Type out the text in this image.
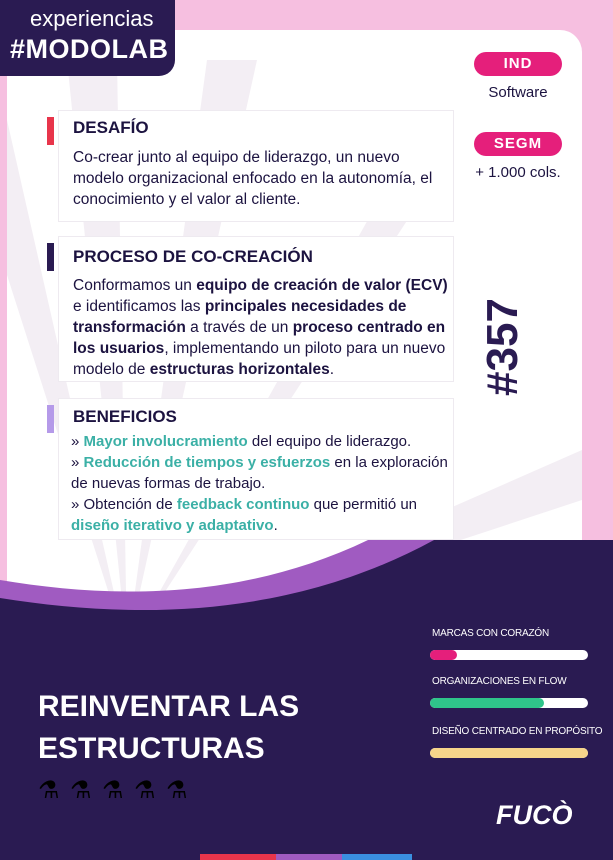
experiencias
#MODOLAB	IND
Software
SEGM
+ 1.000 cols.
#357
DESAFÍO
Co-crear junto al equipo de liderazgo, un nuevo modelo organizacional enfocado en la autonomía, el conocimiento y el valor al cliente.
PROCESO DE CO-CREACIÓN
Conformamos un equipo de creación de valor (ECV) e identificamos las principales necesidades de transformación a través de un proceso centrado en los usuarios, implementando un piloto para un nuevo modelo de estructuras horizontales.
BENEFICIOS
» Mayor involucramiento del equipo de liderazgo.
» Reducción de tiempos y esfuerzos en la exploración de nuevas formas de trabajo.
» Obtención de feedback continuo que permitió un diseño iterativo y adaptativo.
REINVENTAR LAS ESTRUCTURAS
⚗ ⚗ ⚗ ⚗ ⚗
MARCAS CON CORAZÓN
ORGANIZACIONES EN FLOW
DISEÑO CENTRADO EN PROPÓSITO
FUCÒ
